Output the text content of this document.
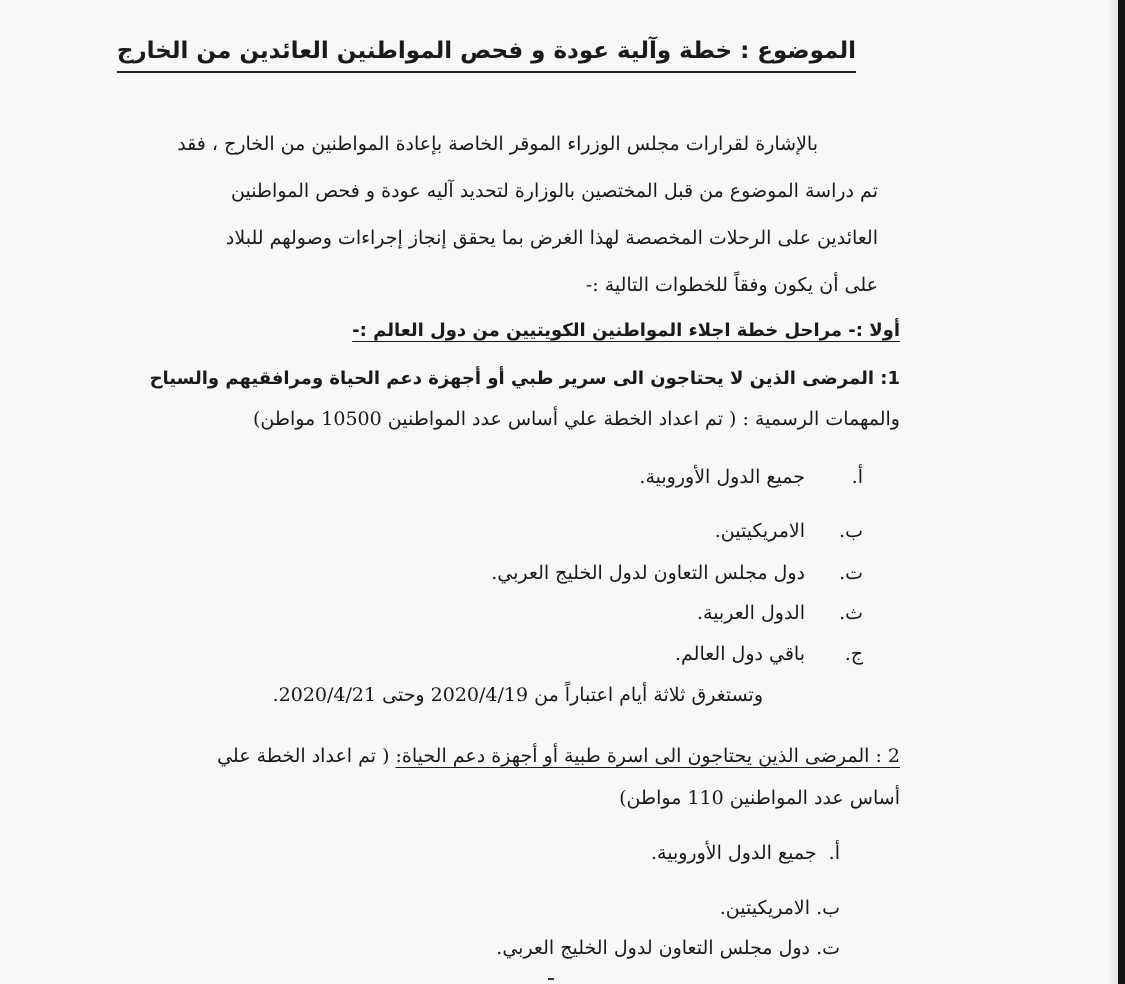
الموضوع : خطة وآلية عودة و فحص المواطنين العائدين من الخارج
بالإشارة لقرارات مجلس الوزراء الموقر الخاصة بإعادة المواطنين من الخارج ، فقد
تم دراسة الموضوع من قبل المختصين بالوزارة لتحديد آليه عودة و فحص المواطنين
العائدين على الرحلات المخصصة لهذا الغرض بما يحقق إنجاز إجراءات وصولهم للبلاد
على أن يكون وفقاً للخطوات التالية :-
أولا :- مراحل خطة اجلاء المواطنين الكويتيين من دول العالم :-
1: المرضى الذين لا يحتاجون الى سرير طبي أو أجهزة دعم الحياة ومرافقيهم والسياح
والمهمات الرسمية : ( تم اعداد الخطة علي أساس عدد المواطنين 10500 مواطن)
أ.جميع الدول الأوروبية.
ب.الامريكيتين.
ت.دول مجلس التعاون لدول الخليج العربي.
ث.الدول العربية.
ج.باقي دول العالم.
وتستغرق ثلاثة أيام اعتباراً من 2020/4/19 وحتى 2020/4/21.
2 : المرضى الذين يحتاجون الى اسرة طبية أو أجهزة دعم الحياة: ( تم اعداد الخطة علي
أساس عدد المواطنين 110 مواطن)
أ.  جميع الدول الأوروبية.
ب. الامريكيتين.
ت. دول مجلس التعاون لدول الخليج العربي.
